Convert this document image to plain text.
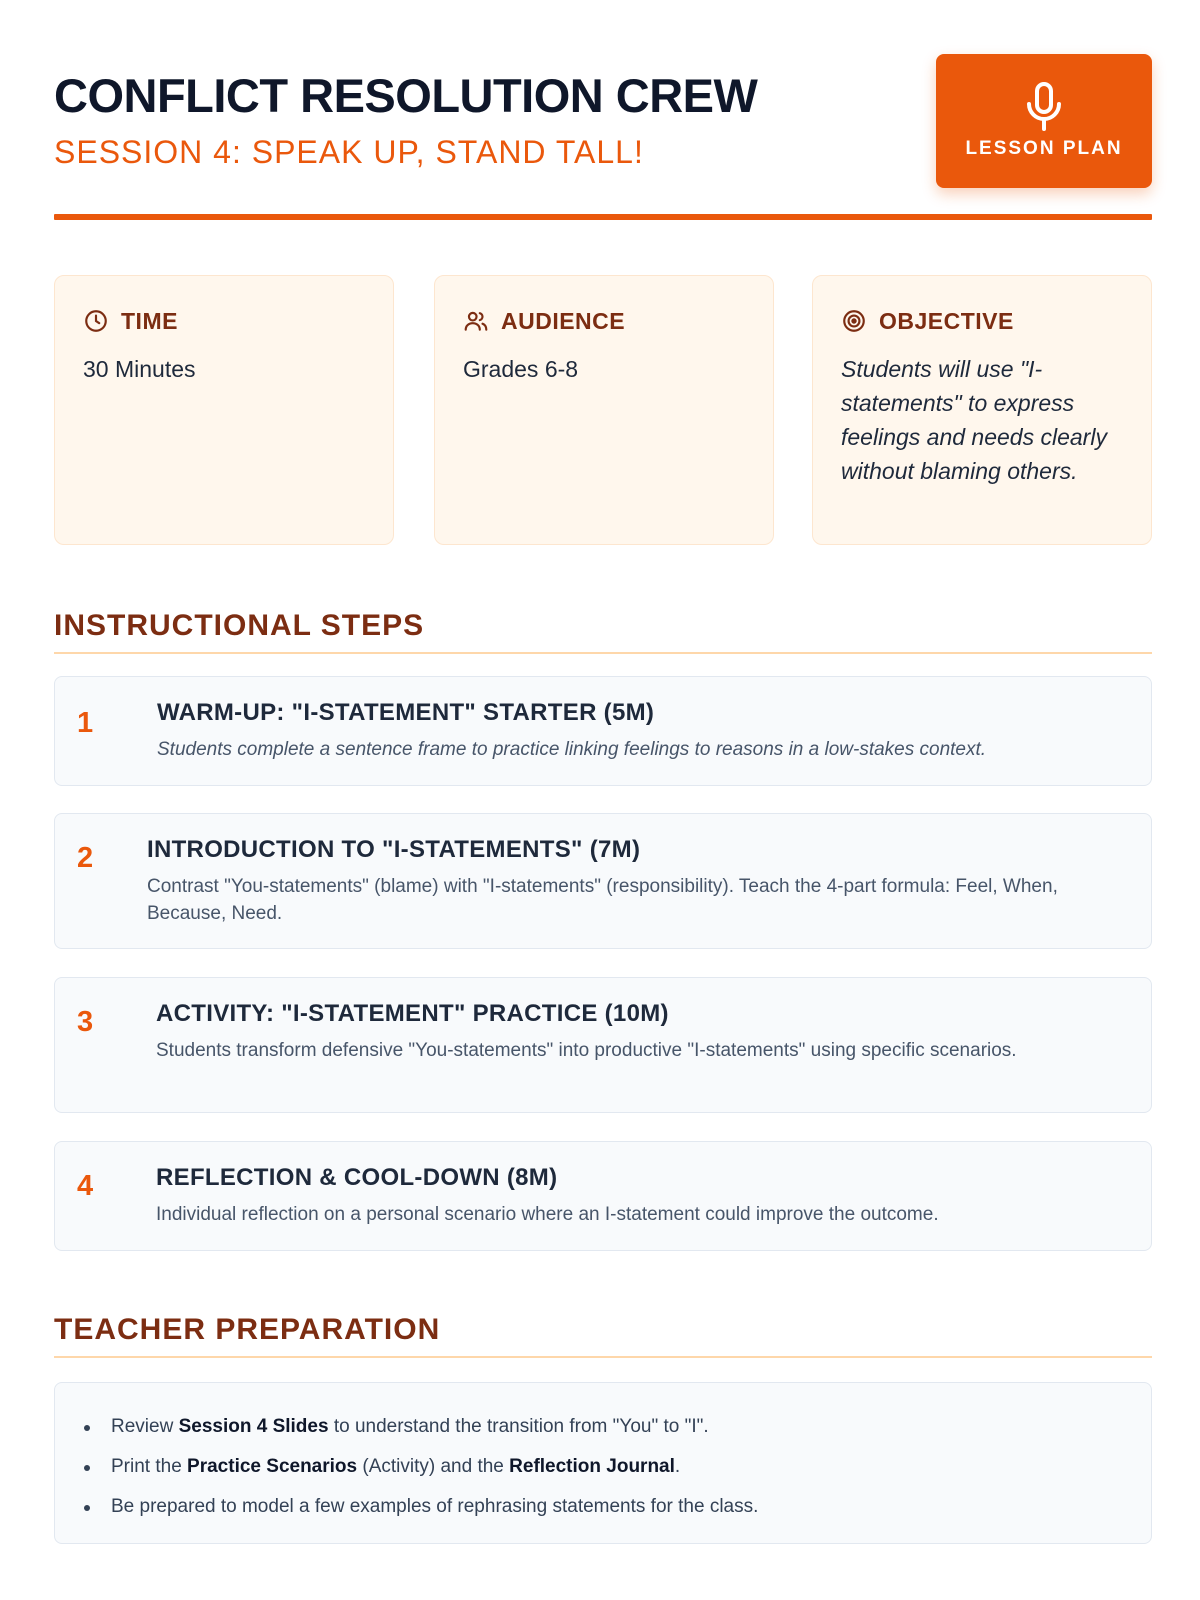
CONFLICT RESOLUTION CREW
SESSION 4: SPEAK UP, STAND TALL!	LESSON PLAN
TIME
30 Minutes
AUDIENCE
Grades 6-8
OBJECTIVE
Students will use "I-statements" to express feelings and needs clearly without blaming others.
INSTRUCTIONAL STEPS
1	WARM-UP: "I-STATEMENT" STARTER (5M)
Students complete a sentence frame to practice linking feelings to reasons in a low-stakes context.
2 INTRODUCTION TO "I-STATEMENTS" (7M)
Contrast "You-statements" (blame) with "I-statements" (responsibility). Teach the 4-part formula: Feel, When, Because, Need.
3	ACTIVITY: "I-STATEMENT" PRACTICE (10M)
Students transform defensive "You-statements" into productive "I-statements" using specific scenarios.
4	REFLECTION & COOL-DOWN (8M)
Individual reflection on a personal scenario where an I-statement could improve the outcome.
TEACHER PREPARATION
Review Session 4 Slides to understand the transition from "You" to "I".
Print the Practice Scenarios (Activity) and the Reflection Journal.
Be prepared to model a few examples of rephrasing statements for the class.
